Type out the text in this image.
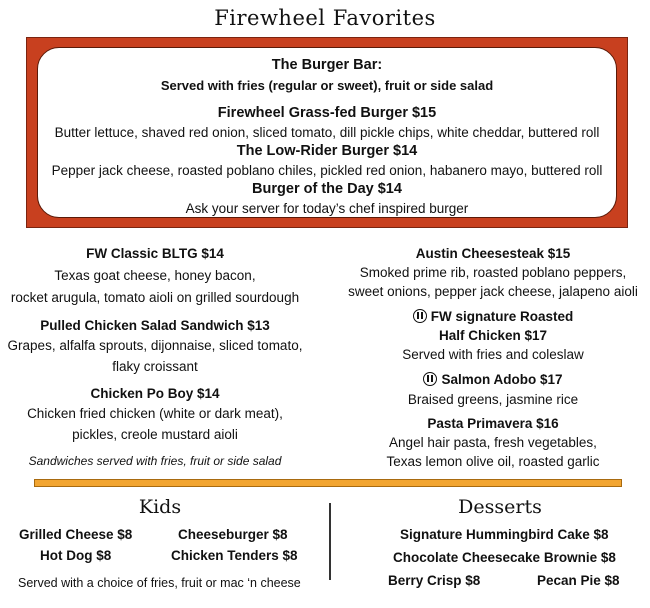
Firewheel Favorites
The Burger Bar:
Served with fries (regular or sweet), fruit or side salad
Firewheel Grass-fed Burger $15
Butter lettuce, shaved red onion, sliced tomato, dill pickle chips, white cheddar, buttered roll
The Low-Rider Burger $14
Pepper jack cheese, roasted poblano chiles, pickled red onion, habanero mayo, buttered roll
Burger of the Day $14
Ask your server for today’s chef inspired burger
FW Classic BLTG $14
Texas goat cheese, honey bacon,
rocket arugula, tomato aioli on grilled sourdough
Pulled Chicken Salad Sandwich $13
Grapes, alfalfa sprouts, dijonnaise, sliced tomato,
flaky croissant
Chicken Po Boy $14
Chicken fried chicken (white or dark meat),
pickles, creole mustard aioli
Sandwiches served with fries, fruit or side salad
Austin Cheesesteak $15
Smoked prime rib, roasted poblano peppers,
sweet onions, pepper jack cheese, jalapeno aioli
FW signature Roasted
Half Chicken $17
Served with fries and coleslaw
Salmon Adobo $17
Braised greens, jasmine rice
Pasta Primavera $16
Angel hair pasta, fresh vegetables,
Texas lemon olive oil, roasted garlic
Kids	Desserts
Grilled Cheese $8	Cheeseburger $8
Hot Dog $8	Chicken Tenders $8
Served with a choice of fries, fruit or mac ‘n cheese
Signature Hummingbird Cake $8
Chocolate Cheesecake Brownie $8
Berry Crisp $8	Pecan Pie $8
